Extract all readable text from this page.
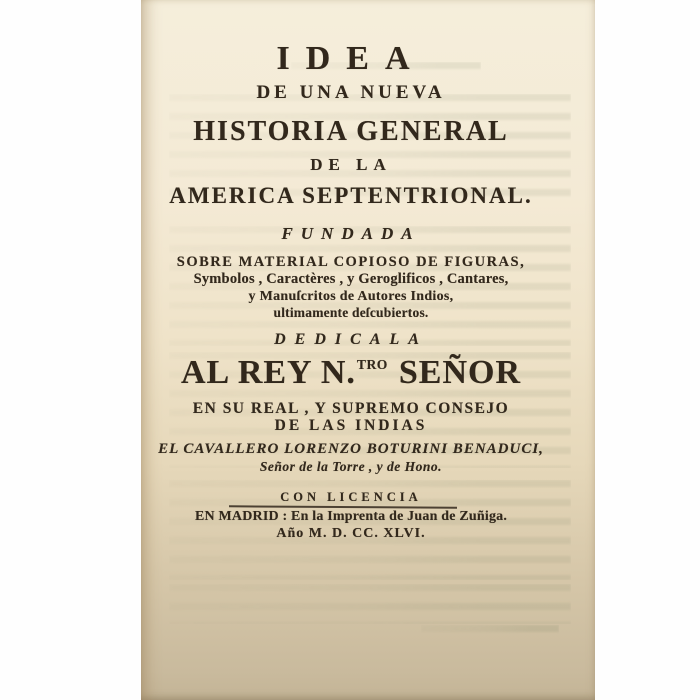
IDEA
DE UNA NUEVA
HISTORIA GENERAL
DE LA
AMERICA SEPTENTRIONAL.
FUNDADA
SOBRE MATERIAL COPIOSO DE FIGURAS,
Symbolos , Caractères , y Geroglificos , Cantares,
y Manuſcritos de Autores Indios,
ultimamente deſcubiertos.
DEDICALA
AL REY N.$^{TRO}$ SEÑOR
EN SU REAL , Y SUPREMO CONSEJO
DE LAS INDIAS
EL CAVALLERO LORENZO BOTURINI BENADUCI,
Señor de la Torre , y de Hono.
CON LICENCIA
EN MADRID : En la Imprenta de Juan de Zuñiga.
Año M. D. CC. XLVI.
